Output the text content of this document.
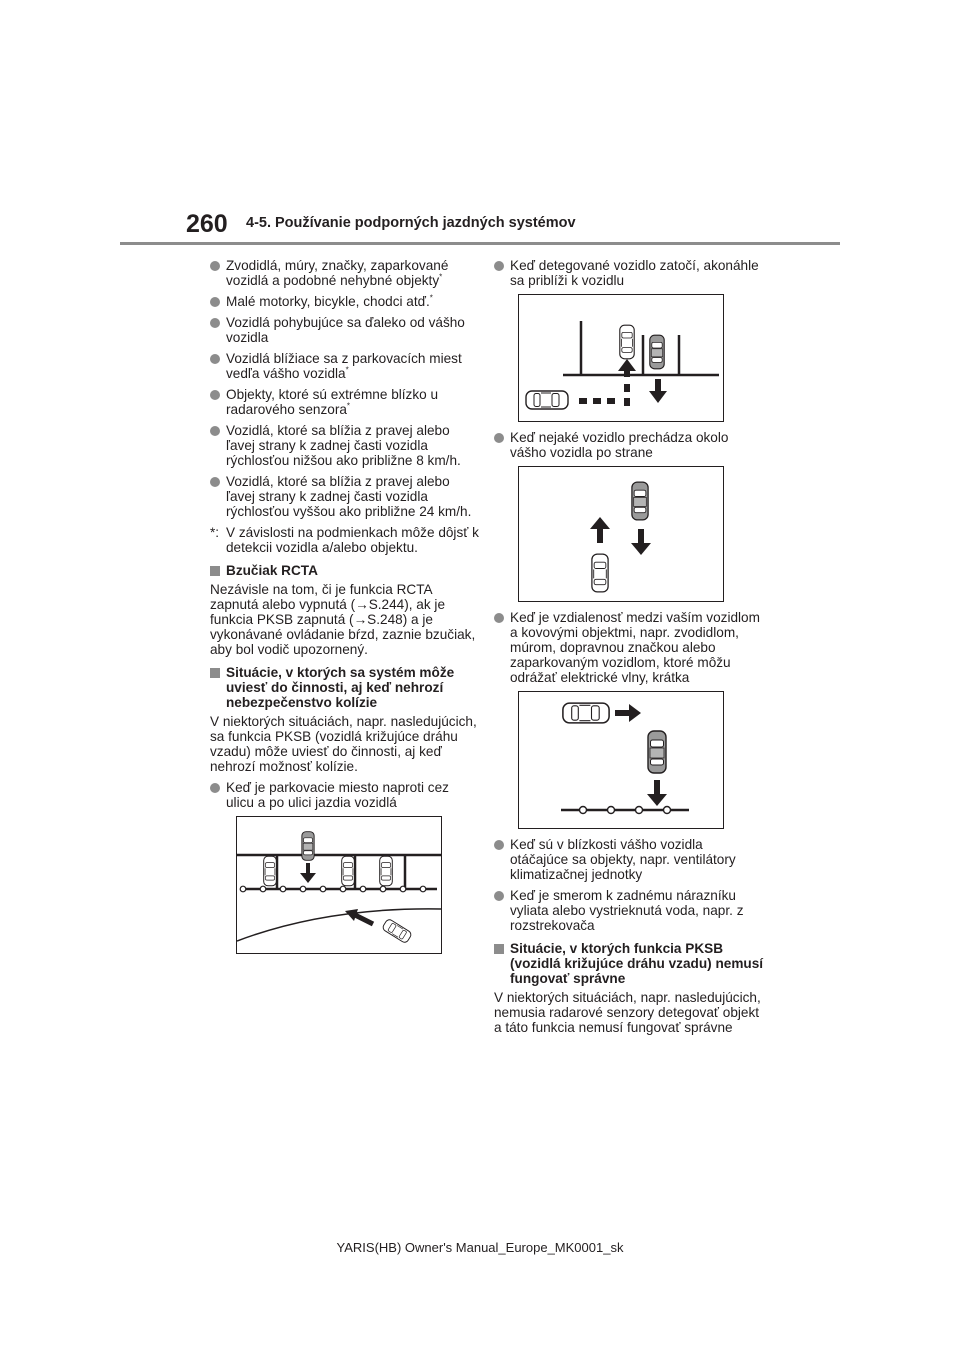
260 4-5. Používanie podporných jazdných systémov
Zvodidlá, múry, značky, zaparkované vozidlá a podobné nehybné objekty*
Malé motorky, bicykle, chodci atď.*
Vozidlá pohybujúce sa ďaleko od vášho vozidla
Vozidlá blížiace sa z parkovacích miest vedľa vášho vozidla*
Objekty, ktoré sú extrémne blízko u radarového senzora*
Vozidlá, ktoré sa blížia z pravej alebo ľavej strany k zadnej časti vozidla rýchlosťou nižšou ako približne 8 km/h.
Vozidlá, ktoré sa blížia z pravej alebo ľavej strany k zadnej časti vozidla rýchlosťou vyššou ako približne 24 km/h.
*: V závislosti na podmienkach môže dôjsť k detekcii vozidla a/alebo objektu.
Bzučiak RCTA
Nezávisle na tom, či je funkcia RCTA zapnutá alebo vypnutá (→S.244), ak je funkcia PKSB zapnutá (→S.248) a je vykonávané ovládanie bŕzd, zaznie bzučiak, aby bol vodič upozornený.
Situácie, v ktorých sa systém môže uviesť do činnosti, aj keď nehrozí nebezpečenstvo kolízie
V niektorých situáciách, napr. nasledujúcich, sa funkcia PKSB (vozidlá križujúce dráhu vzadu) môže uviesť do činnosti, aj keď nehrozí možnosť kolízie.
Keď je parkovacie miesto naproti cez ulicu a po ulici jazdia vozidlá
Keď detegované vozidlo zatočí, akonáhle sa priblíži k vozidlu
Keď nejaké vozidlo prechádza okolo vášho vozidla po strane
Keď je vzdialenosť medzi vaším vozidlom a kovovými objektmi, napr. zvodidlom, múrom, dopravnou značkou alebo zaparkovaným vozidlom, ktoré môžu odrážať elektrické vlny, krátka
Keď sú v blízkosti vášho vozidla otáčajúce sa objekty, napr. ventilátory klimatizačnej jednotky
Keď je smerom k zadnému nárazníku vyliata alebo vystrieknutá voda, napr. z rozstrekovača
Situácie, v ktorých funkcia PKSB (vozidlá križujúce dráhu vzadu) nemusí fungovať správne
V niektorých situáciách, napr. nasledujúcich, nemusia radarové senzory detegovať objekt a táto funkcia nemusí fungovať správne
YARIS(HB) Owner's Manual_Europe_MK0001_sk
